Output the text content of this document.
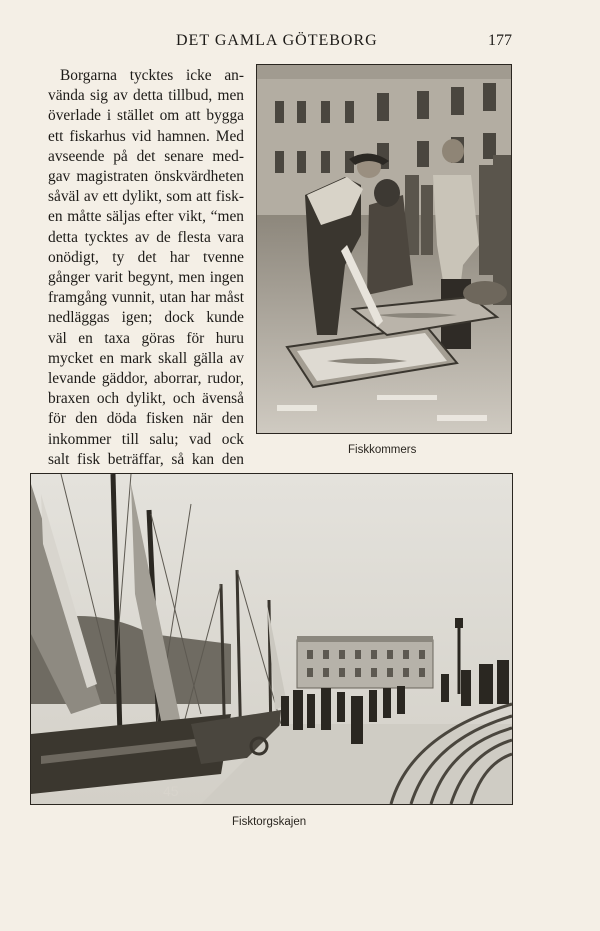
DET GAMLA GÖTEBORG	177
Borgarna tycktes icke an-
vända sig av detta tillbud, men
överlade i stället om att bygga
ett fiskarhus vid hamnen. Med
avseende på det senare med-
gav magistraten önskvärdheten
såväl av ett dylikt, som att fisk-
en måtte säljas efter vikt, “men
detta tycktes av de flesta vara
onödigt, ty det har tvenne
gånger varit begynt, men ingen
framgång vunnit, utan har måst
nedläggas igen; dock kunde
väl en taxa göras för huru
mycket en mark skall gälla av
levande gäddor, aborrar, rudor,
braxen och dylikt, och ävenså
för den döda fisken när den
inkommer till salu; vad ock
salt fisk beträffar, så kan den
Fiskkommers
45
Fisktorgskajen
